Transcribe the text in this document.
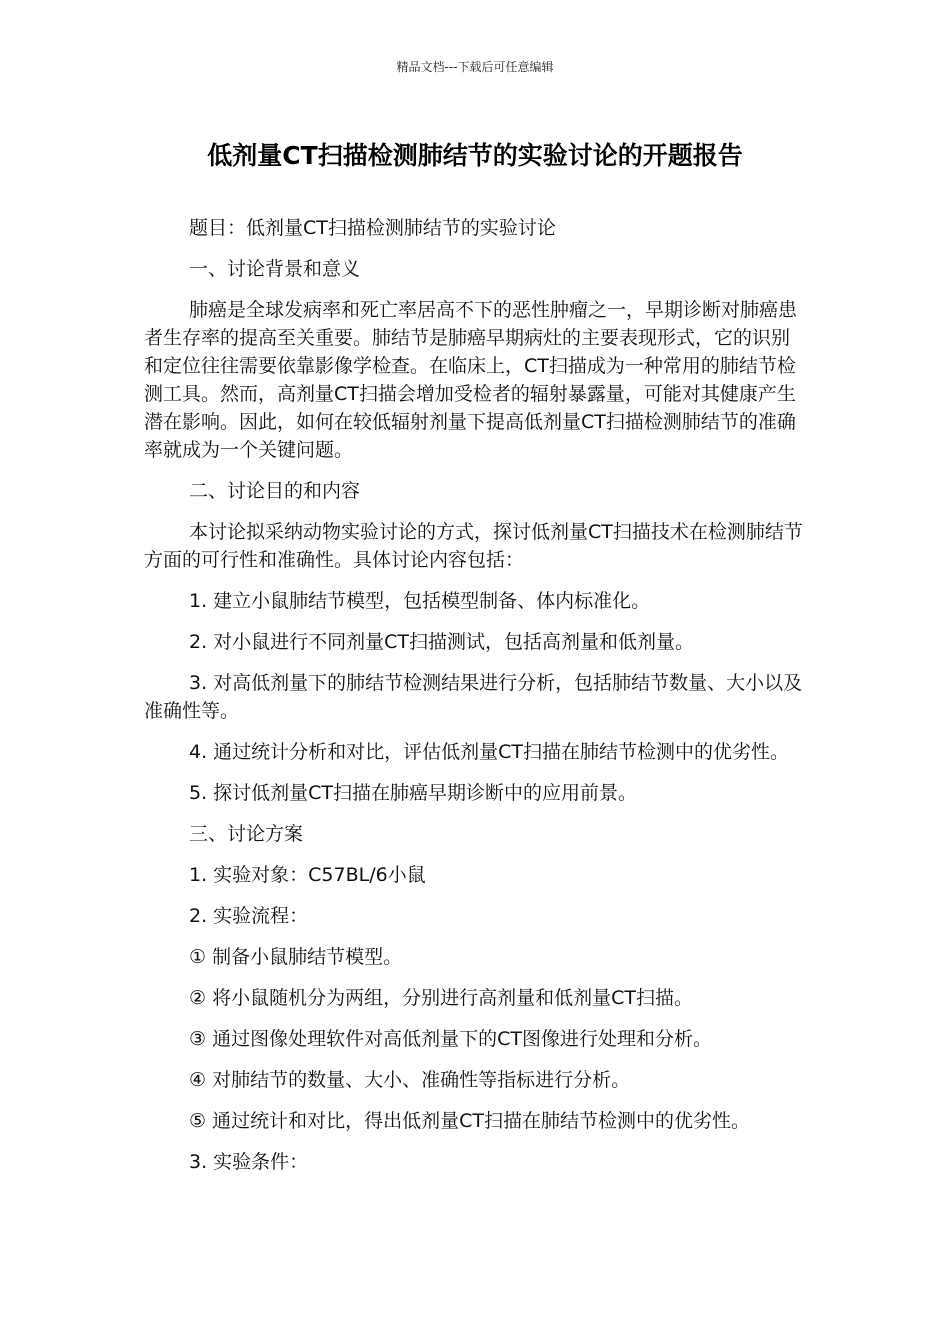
精品文档---下载后可任意编辑
低剂量CT扫描检测肺结节的实验讨论的开题报告

题目：低剂量CT扫描检测肺结节的实验讨论

一、讨论背景和意义

肺癌是全球发病率和死亡率居高不下的恶性肿瘤之一，早期诊断对肺癌患者生存率的提高至关重要。肺结节是肺癌早期病灶的主要表现形式，它的识别和定位往往需要依靠影像学检查。在临床上，CT扫描成为一种常用的肺结节检测工具。然而，高剂量CT扫描会增加受检者的辐射暴露量，可能对其健康产生潜在影响。因此，如何在较低辐射剂量下提高低剂量CT扫描检测肺结节的准确率就成为一个关键问题。

二、讨论目的和内容

本讨论拟采纳动物实验讨论的方式，探讨低剂量CT扫描技术在检测肺结节方面的可行性和准确性。具体讨论内容包括：

1. 建立小鼠肺结节模型，包括模型制备、体内标准化。

2. 对小鼠进行不同剂量CT扫描测试，包括高剂量和低剂量。

3. 对高低剂量下的肺结节检测结果进行分析，包括肺结节数量、大小以及准确性等。

4. 通过统计分析和对比，评估低剂量CT扫描在肺结节检测中的优劣性。

5. 探讨低剂量CT扫描在肺癌早期诊断中的应用前景。

三、讨论方案

1. 实验对象：C57BL/6小鼠

2. 实验流程：

① 制备小鼠肺结节模型。

② 将小鼠随机分为两组，分别进行高剂量和低剂量CT扫描。

③ 通过图像处理软件对高低剂量下的CT图像进行处理和分析。

④ 对肺结节的数量、大小、准确性等指标进行分析。

⑤ 通过统计和对比，得出低剂量CT扫描在肺结节检测中的优劣性。

3. 实验条件：
